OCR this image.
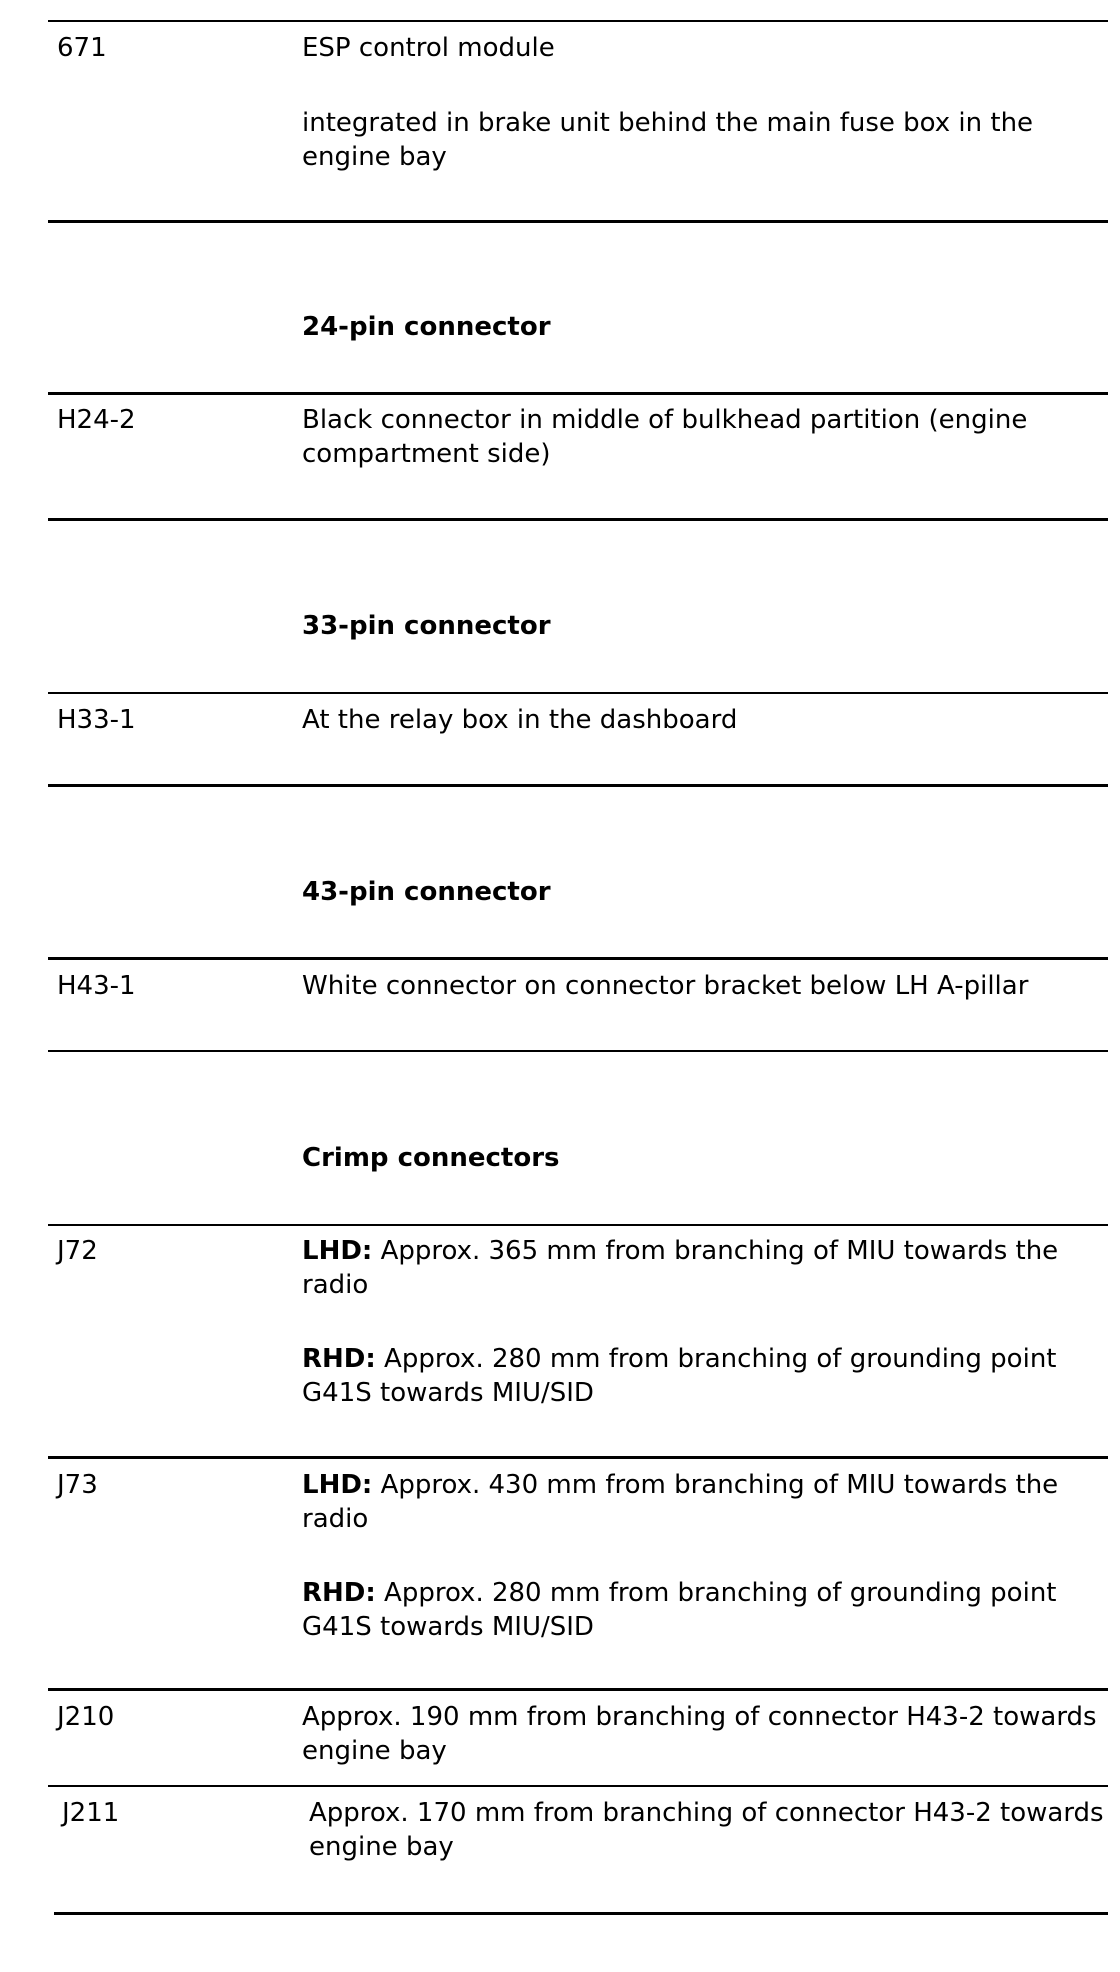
671	ESP control module
integrated in brake unit behind the main fuse box in the engine bay
24-pin connector
H24-2	Black connector in middle of bulkhead partition (engine compartment side)
33-pin connector
H33-1	At the relay box in the dashboard
43-pin connector
H43-1	White connector on connector bracket below LH A-pillar
Crimp connectors
J72	LHD: Approx. 365 mm from branching of MIU towards the radio
RHD: Approx. 280 mm from branching of grounding point G41S towards MIU/SID
J73	LHD: Approx. 430 mm from branching of MIU towards the radio
RHD: Approx. 280 mm from branching of grounding point G41S towards MIU/SID
J210	Approx. 190 mm from branching of connector H43-2 towards engine bay
J211	Approx. 170 mm from branching of connector H43-2 towards engine bay
